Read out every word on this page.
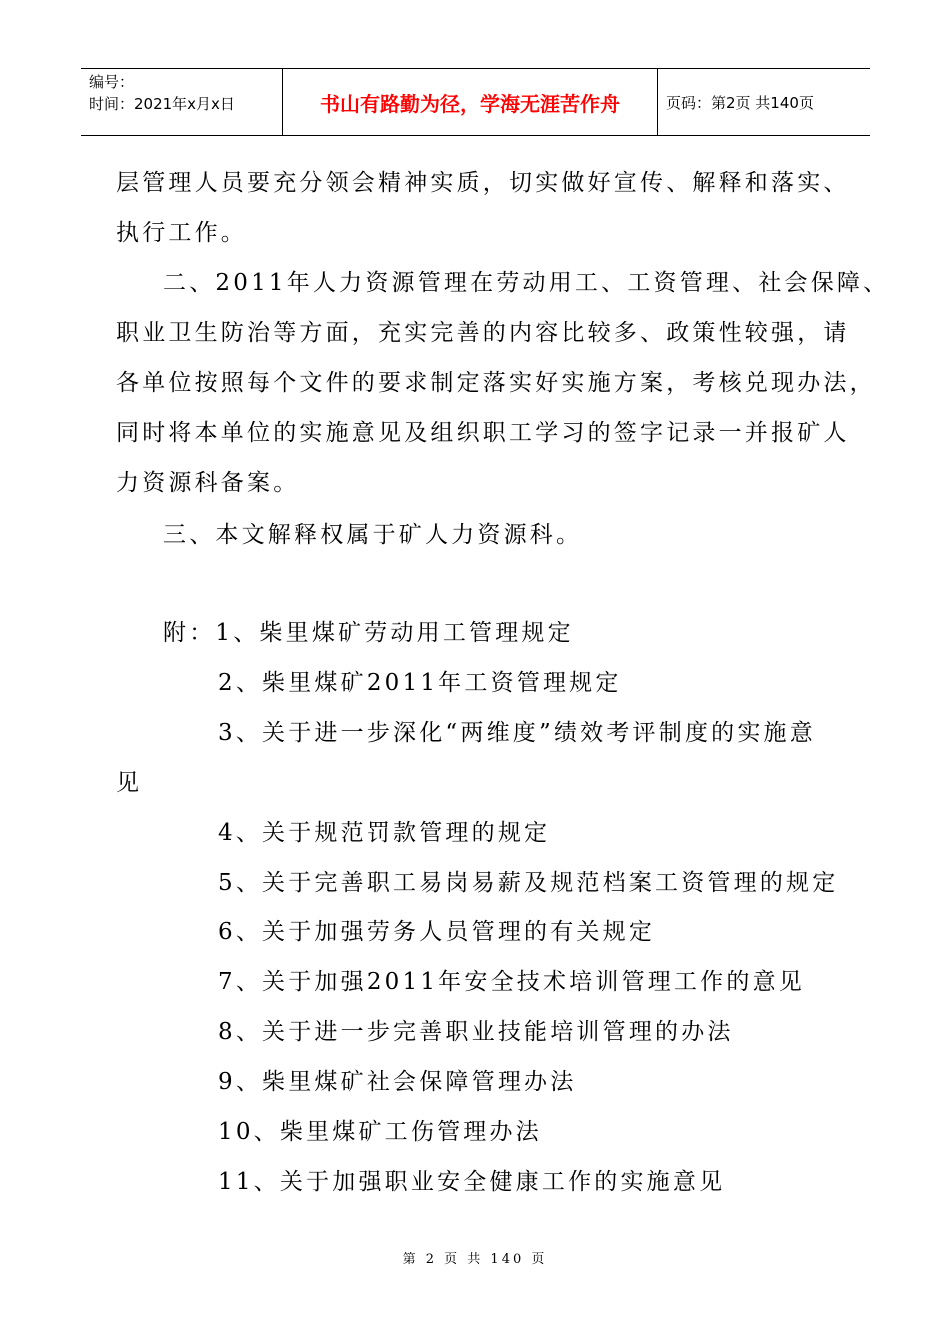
编号：
时间：2021年x月x日	书山有路勤为径，学海无涯苦作舟	页码：第2页 共140页
层管理人员要充分领会精神实质，切实做好宣传、解释和落实、
执行工作。
二、2011年人力资源管理在劳动用工、工资管理、社会保障、
职业卫生防治等方面，充实完善的内容比较多、政策性较强，请
各单位按照每个文件的要求制定落实好实施方案，考核兑现办法，
同时将本单位的实施意见及组织职工学习的签字记录一并报矿人
力资源科备案。
三、本文解释权属于矿人力资源科。
附：1、柴里煤矿劳动用工管理规定
2、柴里煤矿2011年工资管理规定
3、关于进一步深化“两维度”绩效考评制度的实施意
见
4、关于规范罚款管理的规定
5、关于完善职工易岗易薪及规范档案工资管理的规定
6、关于加强劳务人员管理的有关规定
7、关于加强2011年安全技术培训管理工作的意见
8、关于进一步完善职业技能培训管理的办法
9、柴里煤矿社会保障管理办法
10、柴里煤矿工伤管理办法
11、关于加强职业安全健康工作的实施意见
第 2 页 共 140 页
